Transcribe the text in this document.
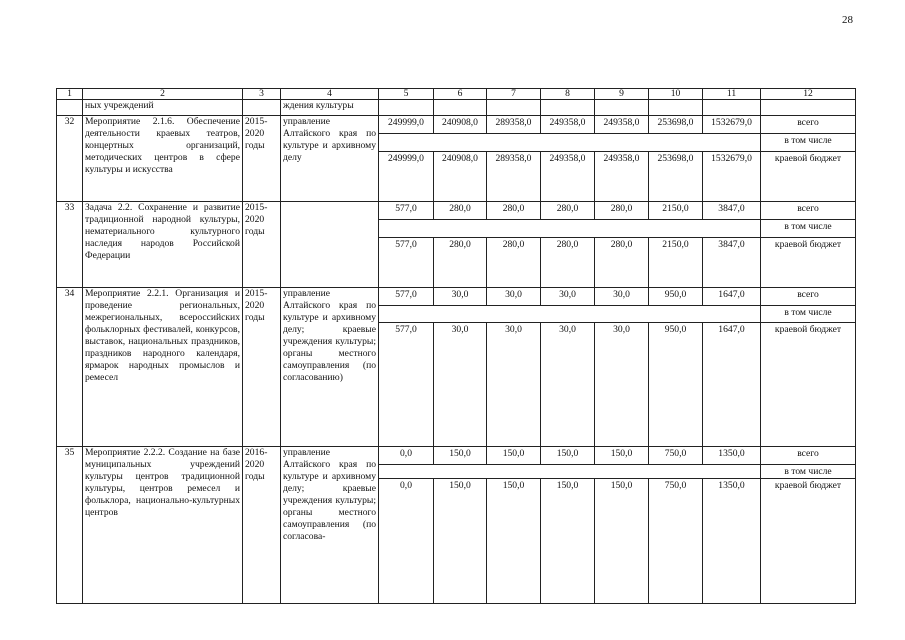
28
1	2	3	4	5	6	7	8	9	10	11	12
	ных учреждений		ждения культуры								
32	Мероприятие 2.1.6. Обеспечение деятельности краевых театров, концертных организаций, методических центров в сфере культуры и искусства	2015-2020 годы	управление Алтайского края по культуре и архивному делу	249999,0	240908,0	289358,0	249358,0	249358,0	253698,0	1532679,0	всего
											в том числе
				249999,0	240908,0	289358,0	249358,0	249358,0	253698,0	1532679,0	краевой бюджет
33	Задача 2.2. Сохранение и развитие традиционной народной культуры, нематериального культурного наследия народов Российской Федерации	2015-2020 годы		577,0	280,0	280,0	280,0	280,0	2150,0	3847,0	всего
											в том числе
				577,0	280,0	280,0	280,0	280,0	2150,0	3847,0	краевой бюджет
34	Мероприятие 2.2.1. Организация и проведение региональных, межрегиональных, всероссийских фольклорных фестивалей, конкурсов, выставок, национальных праздников, праздников народного календаря, ярмарок народных промыслов и ремесел	2015-2020 годы	управление Алтайского края по культуре и архивному делу; краевые учреждения культуры; органы местного самоуправления (по согласованию)	577,0	30,0	30,0	30,0	30,0	950,0	1647,0	всего
											в том числе
				577,0	30,0	30,0	30,0	30,0	950,0	1647,0	краевой бюджет
35	Мероприятие 2.2.2. Создание на базе муниципальных учреждений культуры центров традиционной культуры, центров ремесел и фольклора, национально-культурных центров	2016-2020 годы	управление Алтайского края по культуре и архивному делу; краевые учреждения культуры; органы местного самоуправления (по согласова-	0,0	150,0	150,0	150,0	150,0	750,0	1350,0	всего
											в том числе
				0,0	150,0	150,0	150,0	150,0	750,0	1350,0	краевой бюджет
